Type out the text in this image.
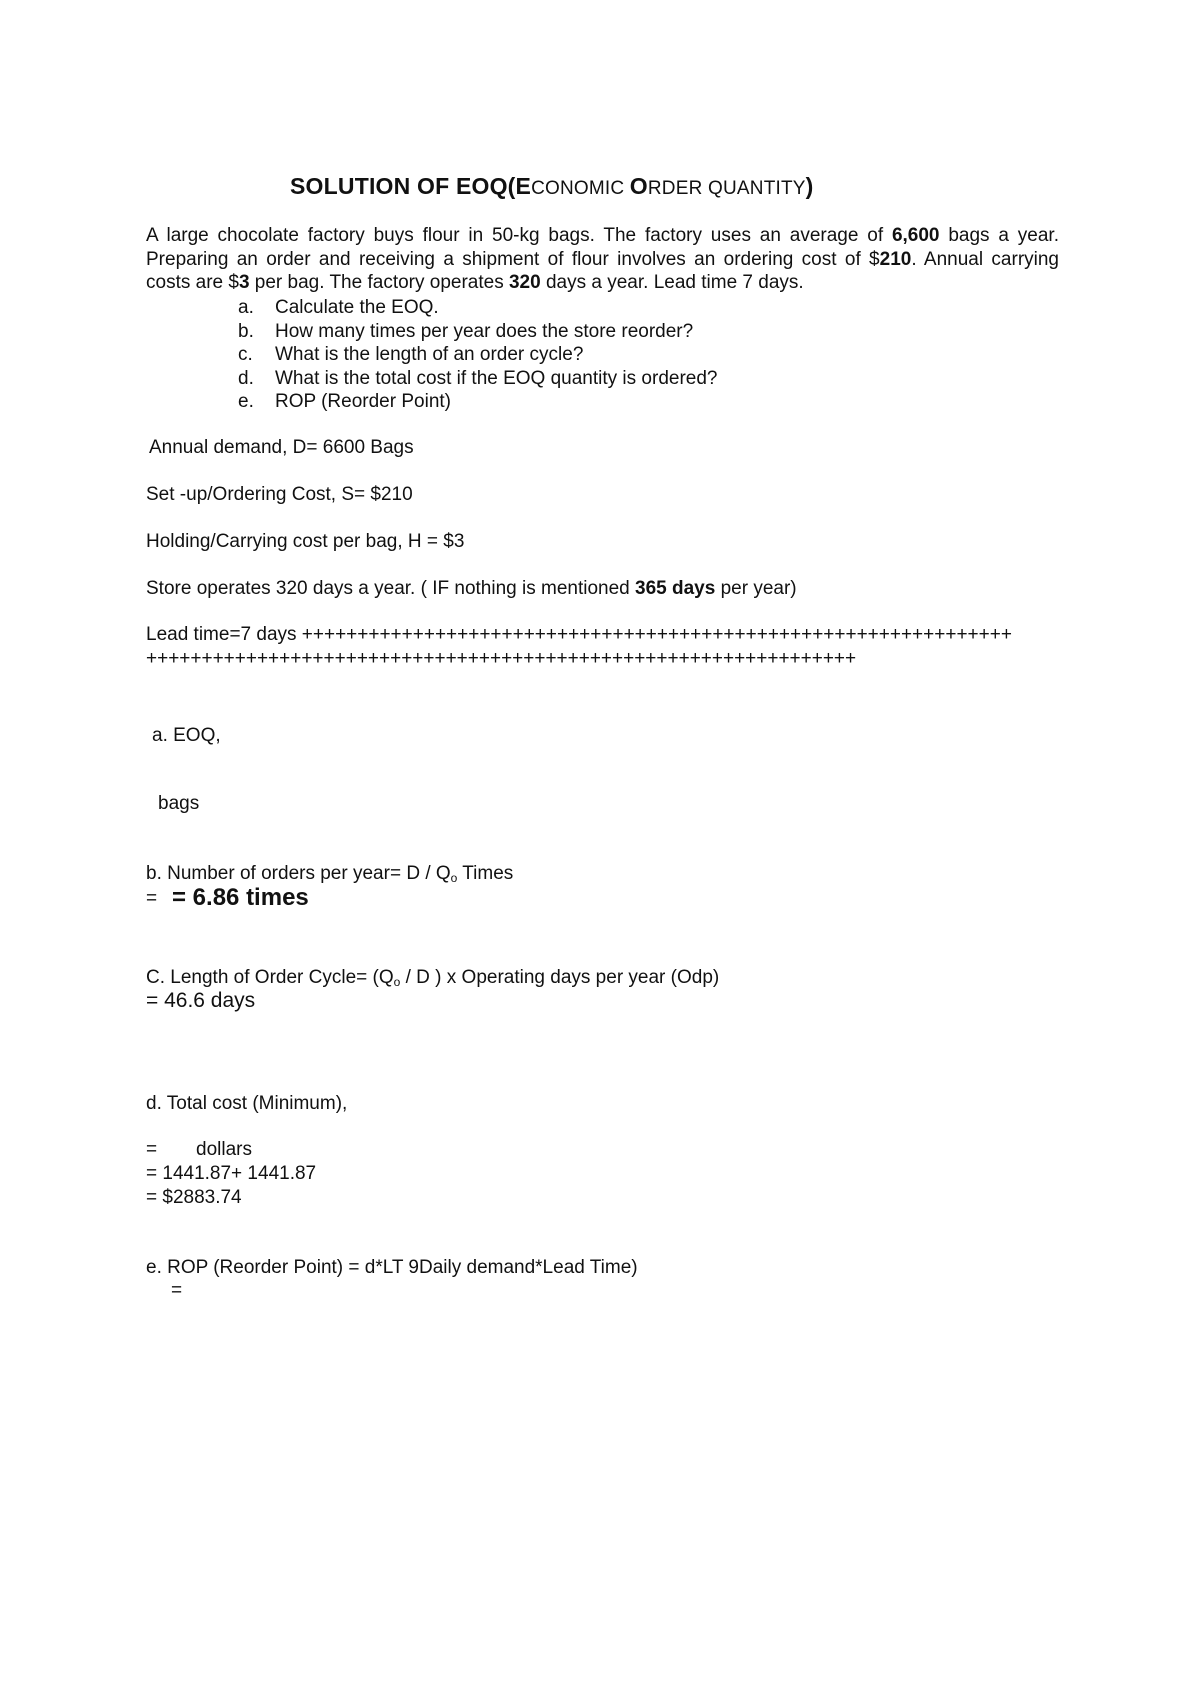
SOLUTION OF EOQ(ECONOMIC ORDER QUANTITY)
A large chocolate factory buys flour in 50-kg bags. The factory uses an average of 6,600 bags a year. Preparing an order and receiving a shipment of flour involves an ordering cost of $210. Annual carrying costs are $3 per bag. The factory operates 320 days a year. Lead time 7 days.
a. Calculate the EOQ.
b. How many times per year does the store reorder?
c. What is the length of an order cycle?
d. What is the total cost if the EOQ quantity is ordered?
e. ROP (Reorder Point)
Annual demand, D= 6600 Bags
Set -up/Ordering Cost, S= $210
Holding/Carrying cost per bag, H = $3
Store operates 320 days a year. ( IF nothing is mentioned 365 days per year)
Lead time=7 days ++++++++++++++++++++++++++++++++++++++++++++++++++++++++++++++++
++++++++++++++++++++++++++++++++++++++++++++++++++++++++++++++++
a. EOQ,
bags
b. Number of orders per year= D / $Q_o$ Times
= = 6.86 times
C. Length of Order Cycle= ($Q_o$ / D ) x Operating days per year (Odp)
= 46.6 days
d. Total cost (Minimum),
= dollars
= 1441.87+ 1441.87
= $2883.74
e. ROP (Reorder Point) = d*LT 9Daily demand*Lead Time)
=
